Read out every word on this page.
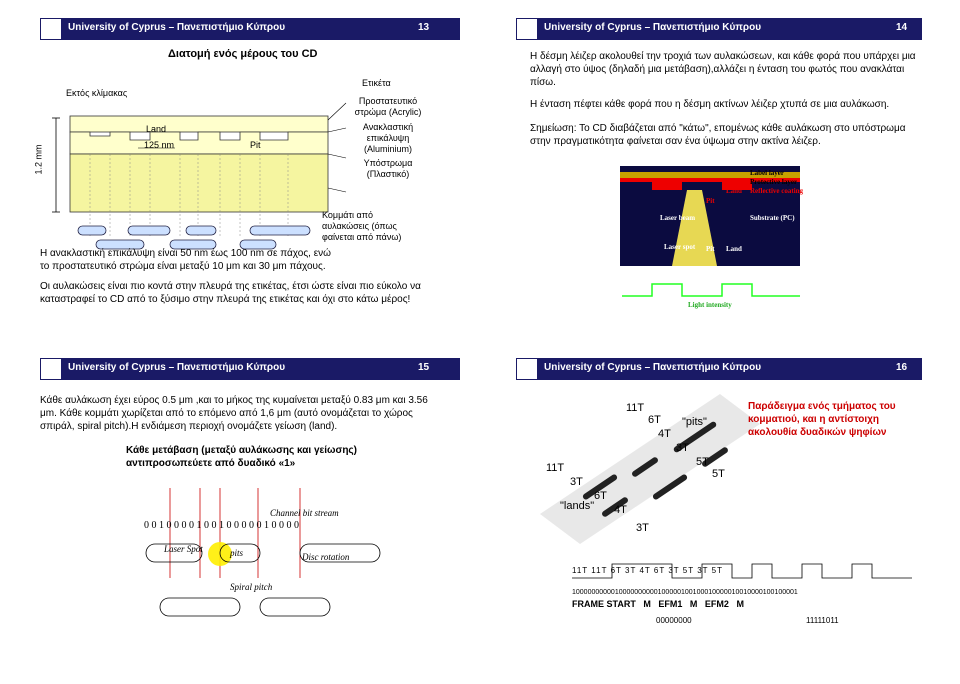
University of Cyprus – Πανεπιστήμιο Κύπρου	13
Διατομή ενός μέρους του CD
Εκτός κλίμακας
Ετικέτα
Προστατευτικό στρώμα (Acrylic)
Ανακλαστική επικάλυψη (Aluminium)
Υπόστρωμα (Πλαστικό)
Land
Pit
125 nm
1.2 mm
Κομμάτι από αυλακώσεις (όπως φαίνεται από πάνω)
Η ανακλαστική επικάλυψη είναι 50 nm έως 100 nm σε πάχος, ενώ το προστατευτικό στρώμα είναι μεταξύ 10 μm και 30 μm πάχους.
Οι αυλακώσεις είναι πιο κοντά στην πλευρά της ετικέτας, έτσι ώστε είναι πιο εύκολο να καταστραφεί το CD από το ξύσιμο στην πλευρά της ετικέτας και όχι στο κάτω μέρος!
University of Cyprus – Πανεπιστήμιο Κύπρου	14
Η δέσμη λέιζερ ακολουθεί την τροχιά των αυλακώσεων, και κάθε φορά που υπάρχει μια αλλαγή στο ύψος (δηλαδή μια μετάβαση),αλλάζει η ένταση του φωτός που ανακλάται πίσω.
Η ένταση πέφτει κάθε φορά που η δέσμη ακτίνων λέιζερ χτυπά σε μια αυλάκωση.
Σημείωση: Το CD διαβάζεται από "κάτω", επομένως κάθε αυλάκωση στο υπόστρωμα στην πραγματικότητα φαίνεται σαν ένα ύψωμα στην ακτίνα λέιζερ.
Label layer
Protective layer
Reflective coating
Land
Pit
Laser beam	Substrate (PC)
Laser spot Pit Land
Light intensity
University of Cyprus – Πανεπιστήμιο Κύπρου	15
Κάθε αυλάκωση έχει εύρος 0.5 μm ,και το μήκος της κυμαίνεται μεταξύ 0.83 μm και 3.56 μm. Κάθε κομμάτι χωρίζεται από το επόμενο από 1,6 μm (αυτό ονομάζεται το χώρος σπιράλ, spiral pitch).Η ενδιάμεση περιοχή ονομάζετε γείωση (land).
Κάθε μετάβαση (μεταξύ αυλάκωσης και γείωσης) αντιπροσωπεύετε από δυαδικό «1»
Channel bit stream
0 0 1 0 0 0 0 1 0 0 1 0 0 0 0 0 1 0 0 0 0
Laser Spot	pits	Disc rotation
Spiral pitch
University of Cyprus – Πανεπιστήμιο Κύπρου	16
11T
6T
4T
3T
5T
5T
11T
3T
6T
4T
3T
"pits"
"lands"
Παράδειγμα ενός τμήματος του κομματιού, και η αντίστοιχη ακολουθία δυαδικών ψηφίων
11T 11T 6T 3T 4T 6T 3T 5T 3T 5T
1000000000010000000000100000100100010000010010000100100001
FRAME START M EFM1 M EFM2 M
00000000	11111011
